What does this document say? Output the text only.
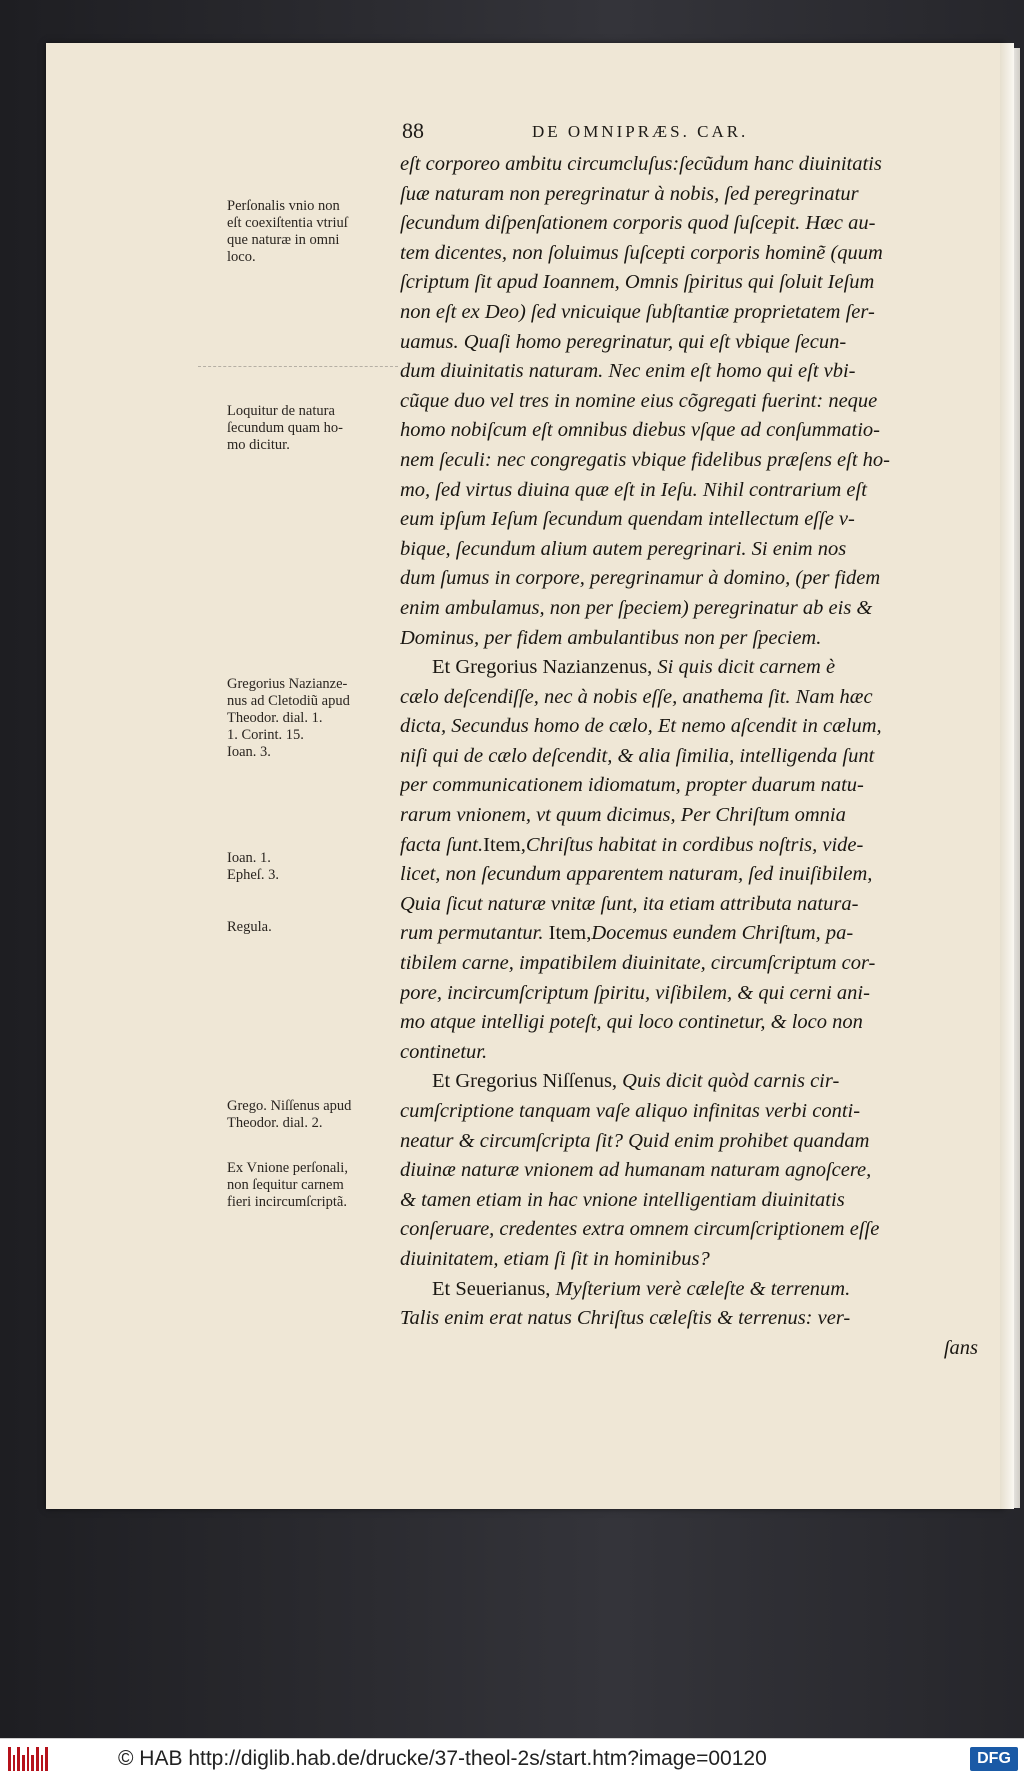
88	DE OMNIPRÆS. CAR.
eſt corporeo ambitu circumcluſus:ſecũdum hanc diuinitatis
ſuæ naturam non peregrinatur à nobis, ſed peregrinatur
ſecundum diſpenſationem corporis quod ſuſcepit. Hæc au-
tem dicentes, non ſoluimus ſuſcepti corporis hominẽ (quum
ſcriptum ſit apud Ioannem, Omnis ſpiritus qui ſoluit Ieſum
non eſt ex Deo) ſed vnicuique ſubſtantiæ proprietatem ſer-
uamus. Quaſi homo peregrinatur, qui eſt vbique ſecun-
dum diuinitatis naturam. Nec enim eſt homo qui eſt vbi-
cũque duo vel tres in nomine eius cõgregati fuerint: neque
homo nobiſcum eſt omnibus diebus vſque ad conſummatio-
nem ſeculi: nec congregatis vbique fidelibus præſens eſt ho-
mo, ſed virtus diuina quæ eſt in Ieſu. Nihil contrarium eſt
eum ipſum Ieſum ſecundum quendam intellectum eſſe v-
bique, ſecundum alium autem peregrinari. Si enim nos
dum ſumus in corpore, peregrinamur à domino, (per fidem
enim ambulamus, non per ſpeciem) peregrinatur ab eis &
Dominus, per fidem ambulantibus non per ſpeciem.
Et Gregorius Nazianzenus, Si quis dicit carnem è
cælo deſcendiſſe, nec à nobis eſſe, anathema ſit. Nam hæc
dicta, Secundus homo de cælo, Et nemo aſcendit in cælum,
niſi qui de cælo deſcendit, & alia ſimilia, intelligenda ſunt
per communicationem idiomatum, propter duarum natu-
rarum vnionem, vt quum dicimus, Per Chriſtum omnia
facta ſunt.Item,Chriſtus habitat in cordibus noſtris, vide-
licet, non ſecundum apparentem naturam, ſed inuiſibilem,
Quia ſicut naturæ vnitæ ſunt, ita etiam attributa natura-
rum permutantur. Item,Docemus eundem Chriſtum, pa-
tibilem carne, impatibilem diuinitate, circumſcriptum cor-
pore, incircumſcriptum ſpiritu, viſibilem, & qui cerni ani-
mo atque intelligi poteſt, qui loco continetur, & loco non
continetur.
Et Gregorius Niſſenus, Quis dicit quòd carnis cir-
cumſcriptione tanquam vaſe aliquo infinitas verbi conti-
neatur & circumſcripta ſit? Quid enim prohibet quandam
diuinæ naturæ vnionem ad humanam naturam agnoſcere,
& tamen etiam in hac vnione intelligentiam diuinitatis
conſeruare, credentes extra omnem circumſcriptionem eſſe
diuinitatem, etiam ſi ſit in hominibus?
Et Seuerianus, Myſterium verè cæleſte & terrenum.
Talis enim erat natus Chriſtus cæleſtis & terrenus: ver-
ſans
Perſonalis vnio non
eſt coexiſtentia vtriuſ
que naturæ in omni
loco.
Loquitur de natura
ſecundum quam ho-
mo dicitur.
Gregorius Nazianze-
nus ad Cletodiũ apud
Theodor. dial. 1.
1. Corint. 15.
Ioan. 3.
Ioan. 1.
Epheſ. 3.
Regula.
Grego. Niſſenus apud
Theodor. dial. 2.
Ex Vnione perſonali,
non ſequitur carnem
fieri incircumſcriptã.
© HAB http://diglib.hab.de/drucke/37-theol-2s/start.htm?image=00120	DFG
